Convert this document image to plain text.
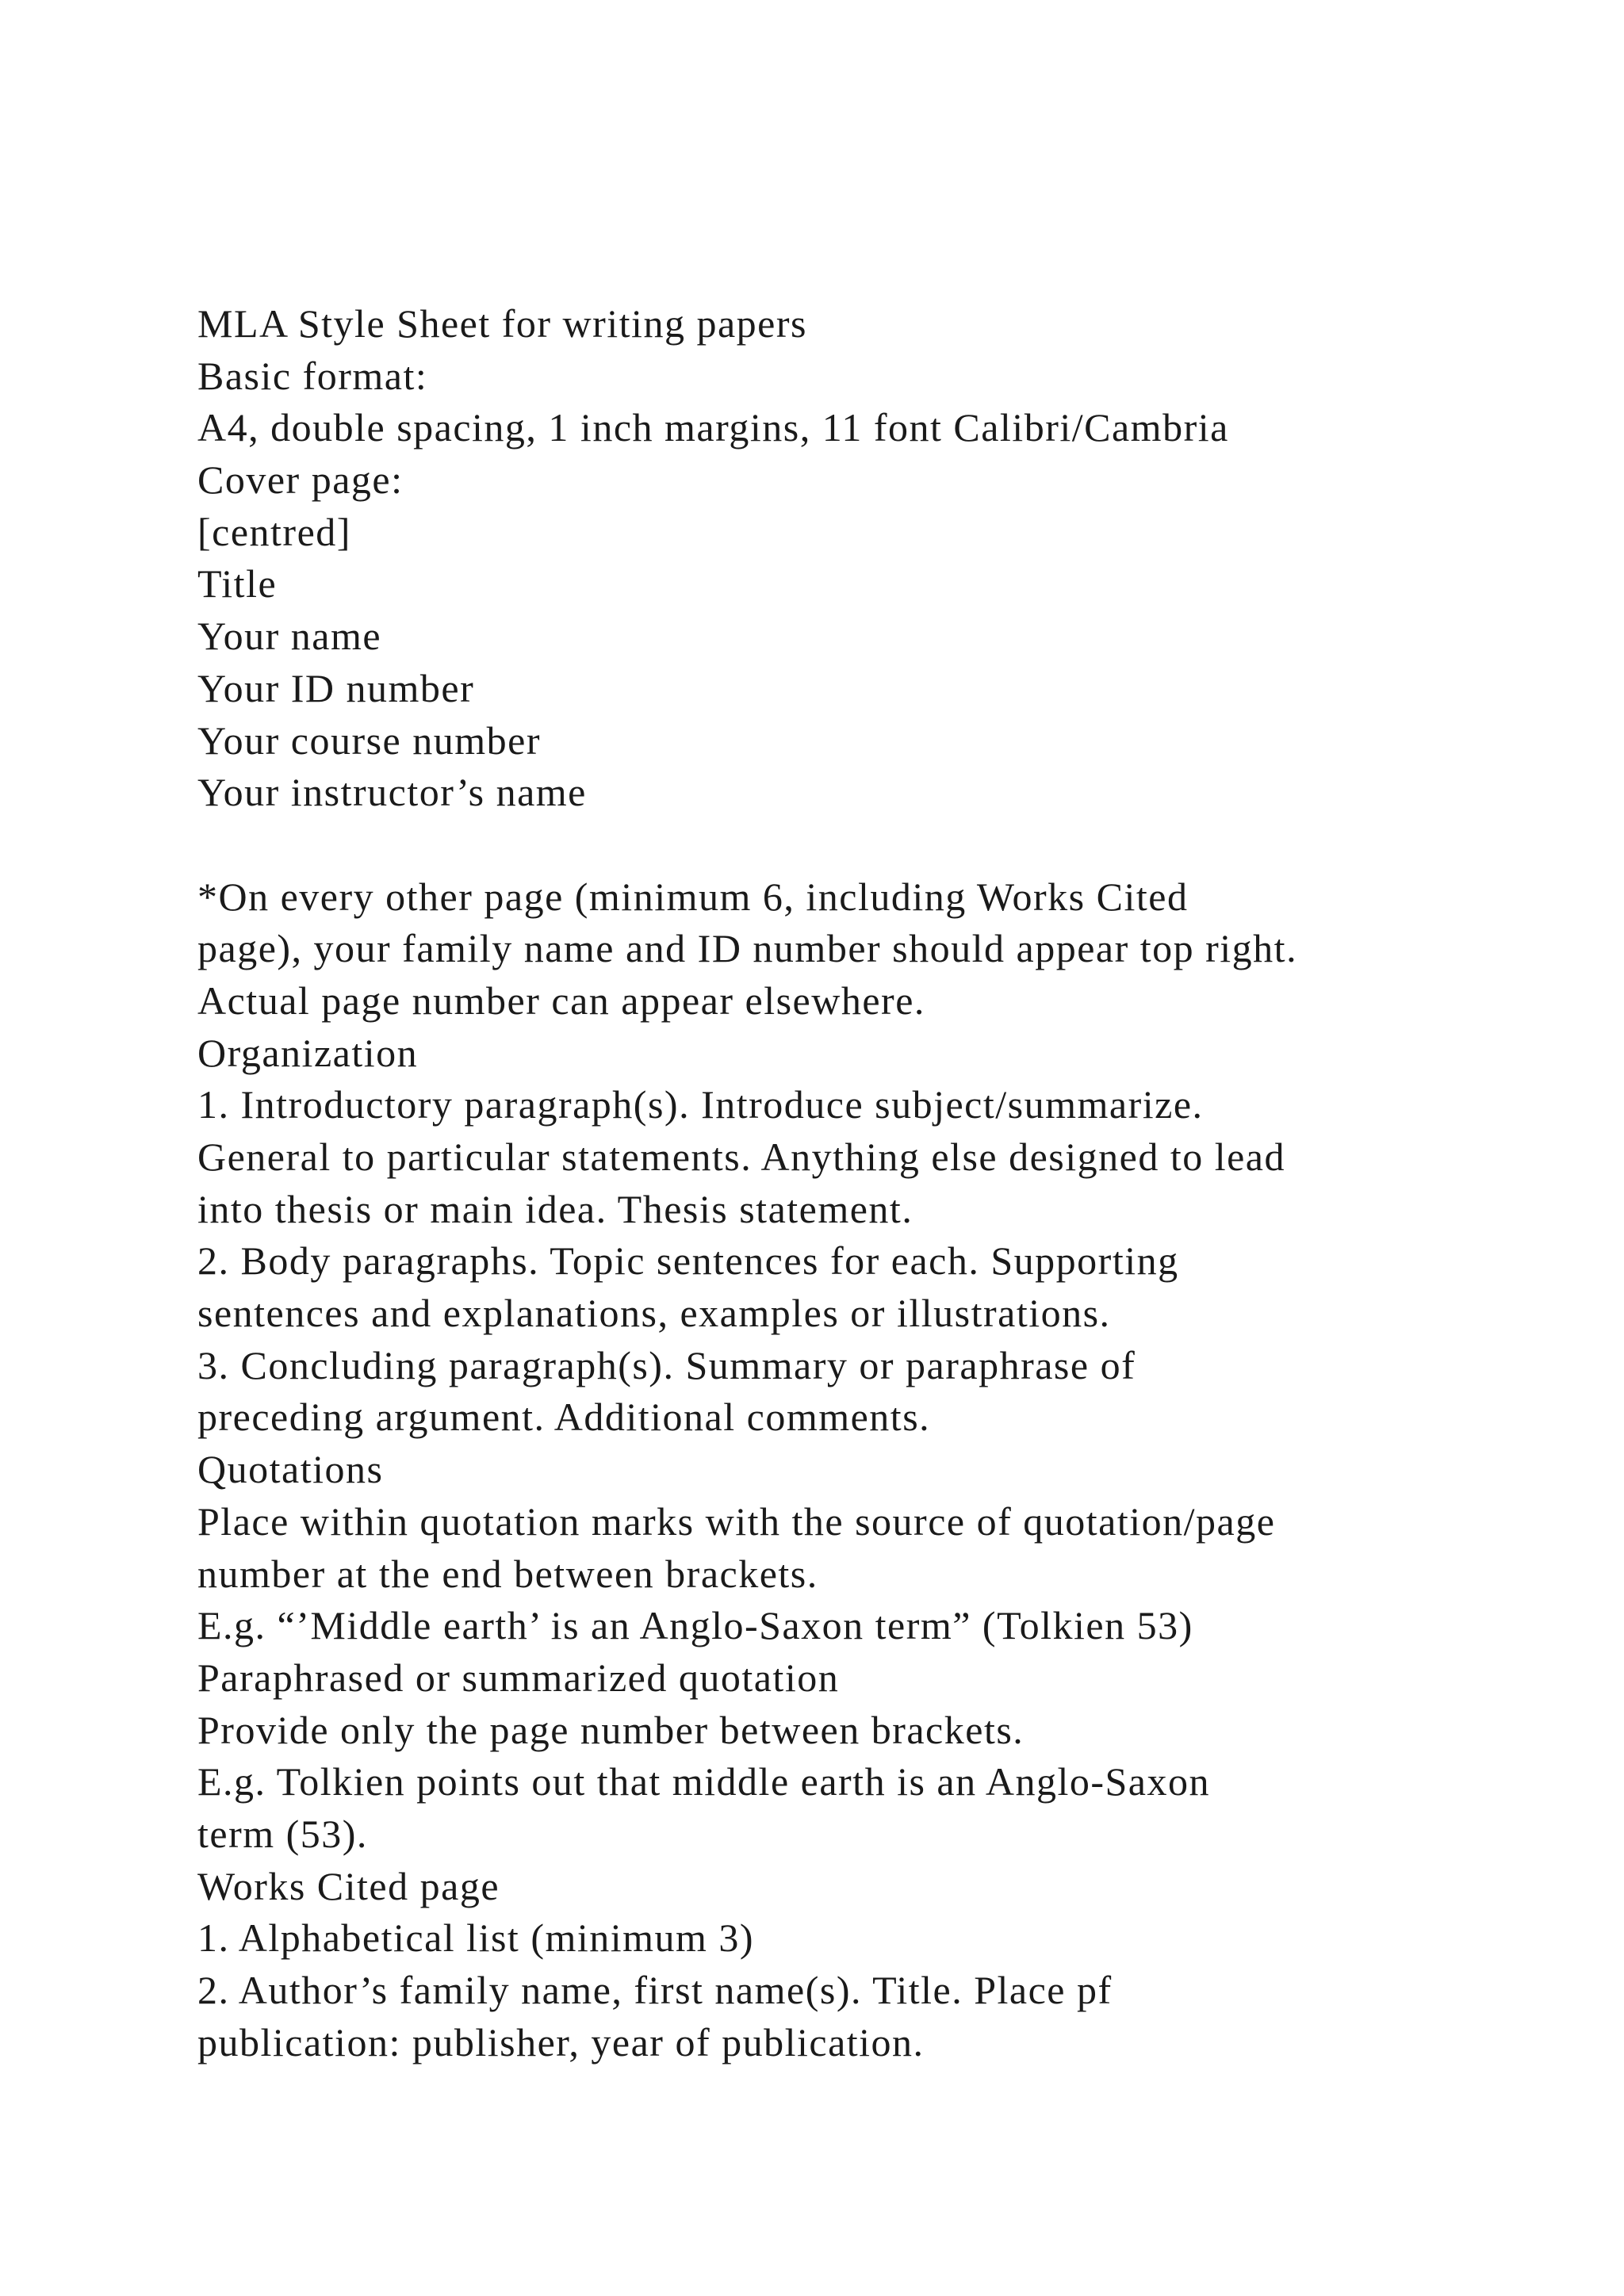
MLA Style Sheet for writing papers
Basic format:
A4, double spacing, 1 inch margins, 11 font Calibri/Cambria
Cover page:
[centred]
Title
Your name
Your ID number
Your course number
Your instructor’s name
*On every other page (minimum 6, including Works Cited
page), your family name and ID number should appear top right.
Actual page number can appear elsewhere.
Organization
1. Introductory paragraph(s). Introduce subject/summarize.
General to particular statements. Anything else designed to lead
into thesis or main idea. Thesis statement.
2. Body paragraphs. Topic sentences for each. Supporting
sentences and explanations, examples or illustrations.
3. Concluding paragraph(s). Summary or paraphrase of
preceding argument. Additional comments.
Quotations
Place within quotation marks with the source of quotation/page
number at the end between brackets.
E.g. “’Middle earth’ is an Anglo-Saxon term” (Tolkien 53)
Paraphrased or summarized quotation
Provide only the page number between brackets.
E.g. Tolkien points out that middle earth is an Anglo-Saxon
term (53).
Works Cited page
1. Alphabetical list (minimum 3)
2. Author’s family name, first name(s). Title. Place pf
publication: publisher, year of publication.
